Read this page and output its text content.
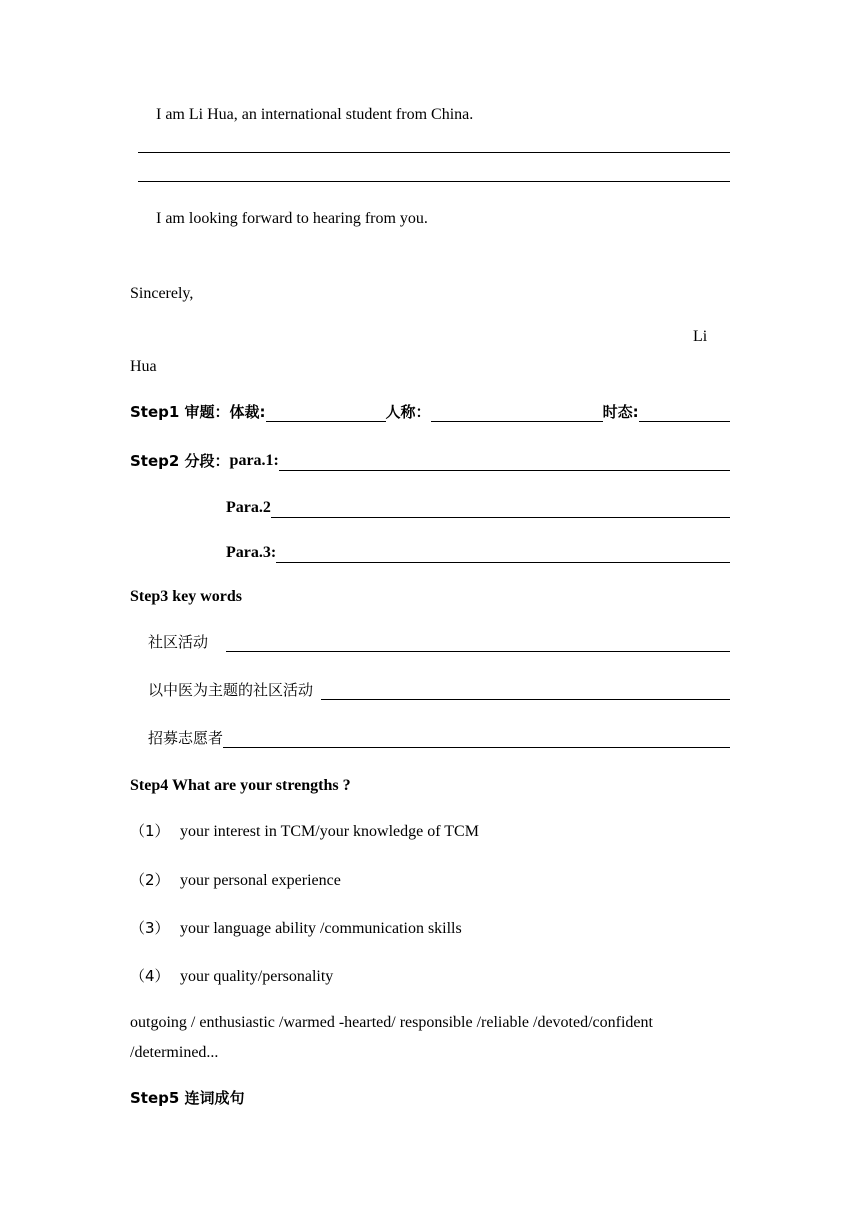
I am Li Hua, an international student from China.
I am looking forward to hearing from you.
Sincerely,
Li
Hua
Step1 审题： 体裁:	人称：	时态:
Step2 分段： para.1:
Para.2
Para.3:
Step3 key words
社区活动
以中医为主题的社区活动
招募志愿者
Step4 What are your strengths ?
（1） your interest in TCM/your knowledge of TCM
（2） your personal experience
（3） your language ability /communication skills
（4） your quality/personality
outgoing / enthusiastic /warmed -hearted/ responsible /reliable /devoted/confident
/determined...
Step5 连词成句
